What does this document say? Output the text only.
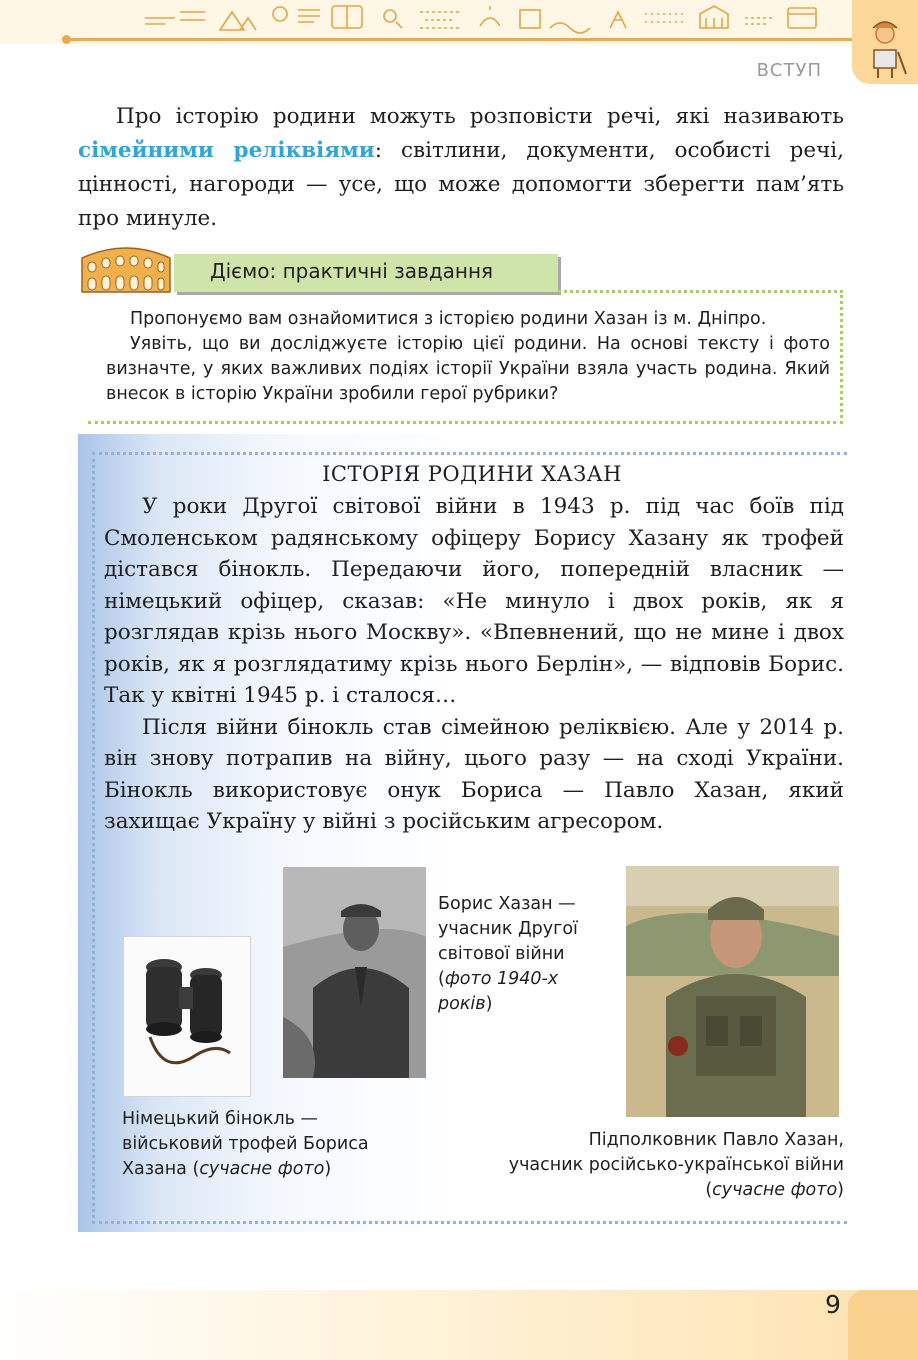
ВСТУП

Про історію родини можуть розповісти речі, які називають сімейними реліквіями: світлини, документи, особисті речі, цінності, нагороди — усе, що може допомогти зберегти пам’ять про минуле.

Дiємо: практичні завдання

Пропонуємо вам ознайомитися з історією родини Хазан із м. Дніпро.

Уявіть, що ви досліджуєте історію цієї родини. На основі тексту і фото визначте, у яких важливих подіях історії України взяла участь родина. Який внесок в історію України зробили герої рубрики?

ІСТОРІЯ РОДИНИ ХАЗАН

У роки Другої світової війни в 1943 р. під час боїв під Смоленськом радянському офіцеру Борису Хазану як трофей дістався бінокль. Передаючи його, попередній власник — німецький офіцер, сказав: «Не минуло і двох років, як я розглядав крізь нього Москву». «Впевнений, що не мине і двох років, як я розглядатиму крізь нього Берлін», — відповів Борис. Так у квітні 1945 р. і сталося…

Після війни бінокль став сімейною реліквією. Але у 2014 р. він знову потрапив на війну, цього разу — на сході України. Бінокль використовує онук Бориса — Павло Хазан, який захищає Україну у війні з російським агресором.

Борис Хазан — учасник Другої світової війни (фото 1940-х років)

Німецький бінокль — військовий трофей Бориса Хазана (сучасне фото)

Підполковник Павло Хазан,
учасник російсько-української війни
(сучасне фото)

9
